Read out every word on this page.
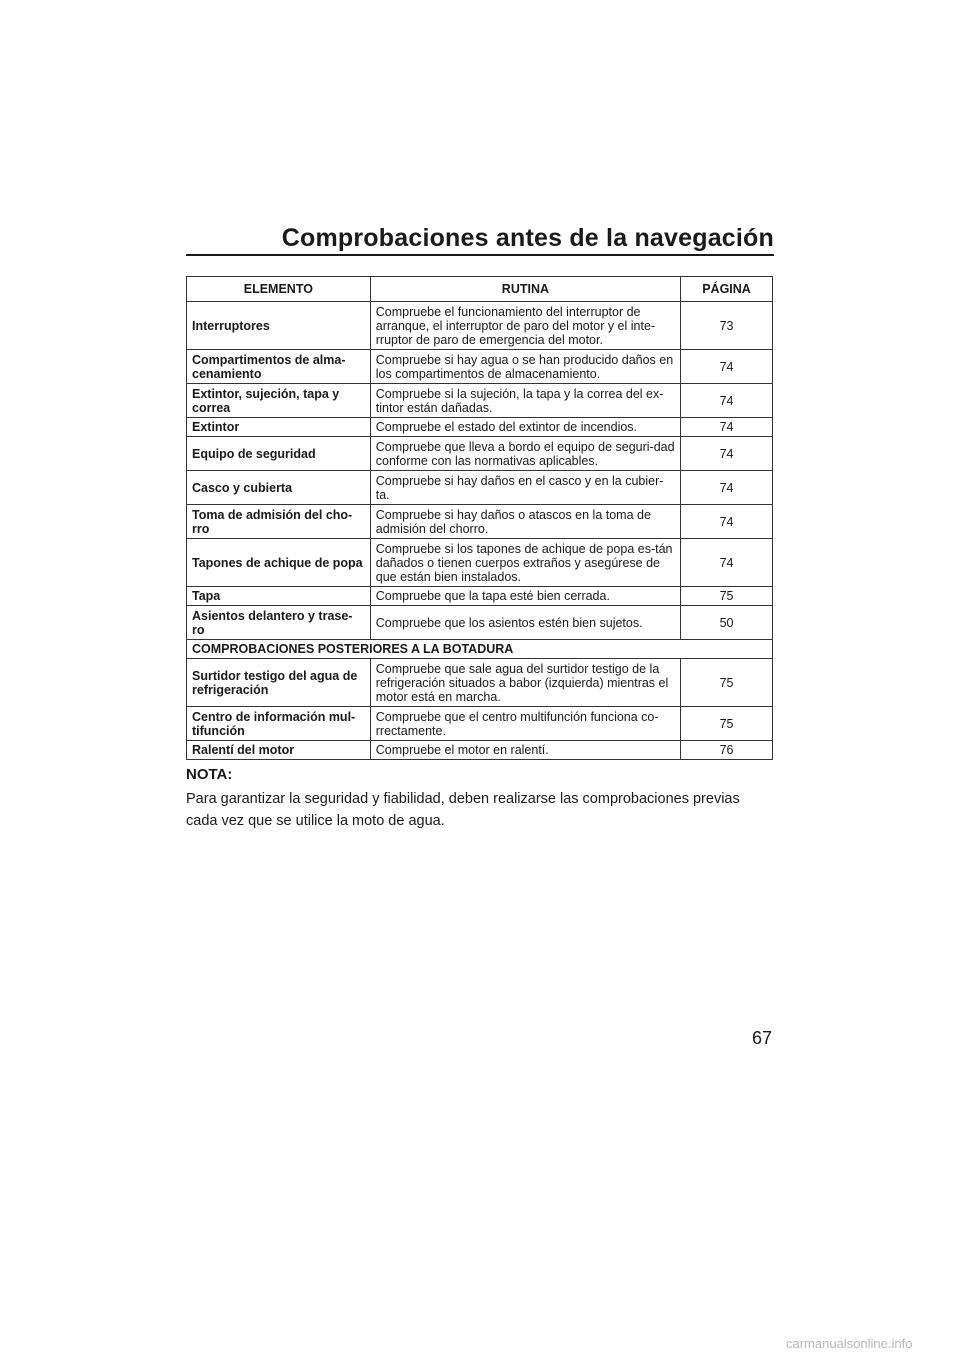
Comprobaciones antes de la navegación
ELEMENTO	RUTINA	PÁGINA
Interruptores	Compruebe el funcionamiento del interruptor de arranque, el interruptor de paro del motor y el inte-rruptor de paro de emergencia del motor.	73
Compartimentos de alma-cenamiento	Compruebe si hay agua o se han producido daños en los compartimentos de almacenamiento.	74
Extintor, sujeción, tapa y correa	Compruebe si la sujeción, la tapa y la correa del ex-tintor están dañadas.	74
Extintor	Compruebe el estado del extintor de incendios.	74
Equipo de seguridad	Compruebe que lleva a bordo el equipo de seguri-dad conforme con las normativas aplicables.	74
Casco y cubierta	Compruebe si hay daños en el casco y en la cubier-ta.	74
Toma de admisión del cho-rro	Compruebe si hay daños o atascos en la toma de admisión del chorro.	74
Tapones de achique de popa	Compruebe si los tapones de achique de popa es-tán dañados o tienen cuerpos extraños y asegúrese de que están bien instalados.	74
Tapa	Compruebe que la tapa esté bien cerrada.	75
Asientos delantero y trase-ro	Compruebe que los asientos estén bien sujetos.	50
COMPROBACIONES POSTERIORES A LA BOTADURA		
Surtidor testigo del agua de refrigeración	Compruebe que sale agua del surtidor testigo de la refrigeración situados a babor (izquierda) mientras el motor está en marcha.	75
Centro de información mul-tifunción	Compruebe que el centro multifunción funciona co-rrectamente.	75
Ralentí del motor	Compruebe el motor en ralentí.	76
NOTA:
Para garantizar la seguridad y fiabilidad, deben realizarse las comprobaciones previas cada vez que se utilice la moto de agua.
67
carmanualsonline.info
